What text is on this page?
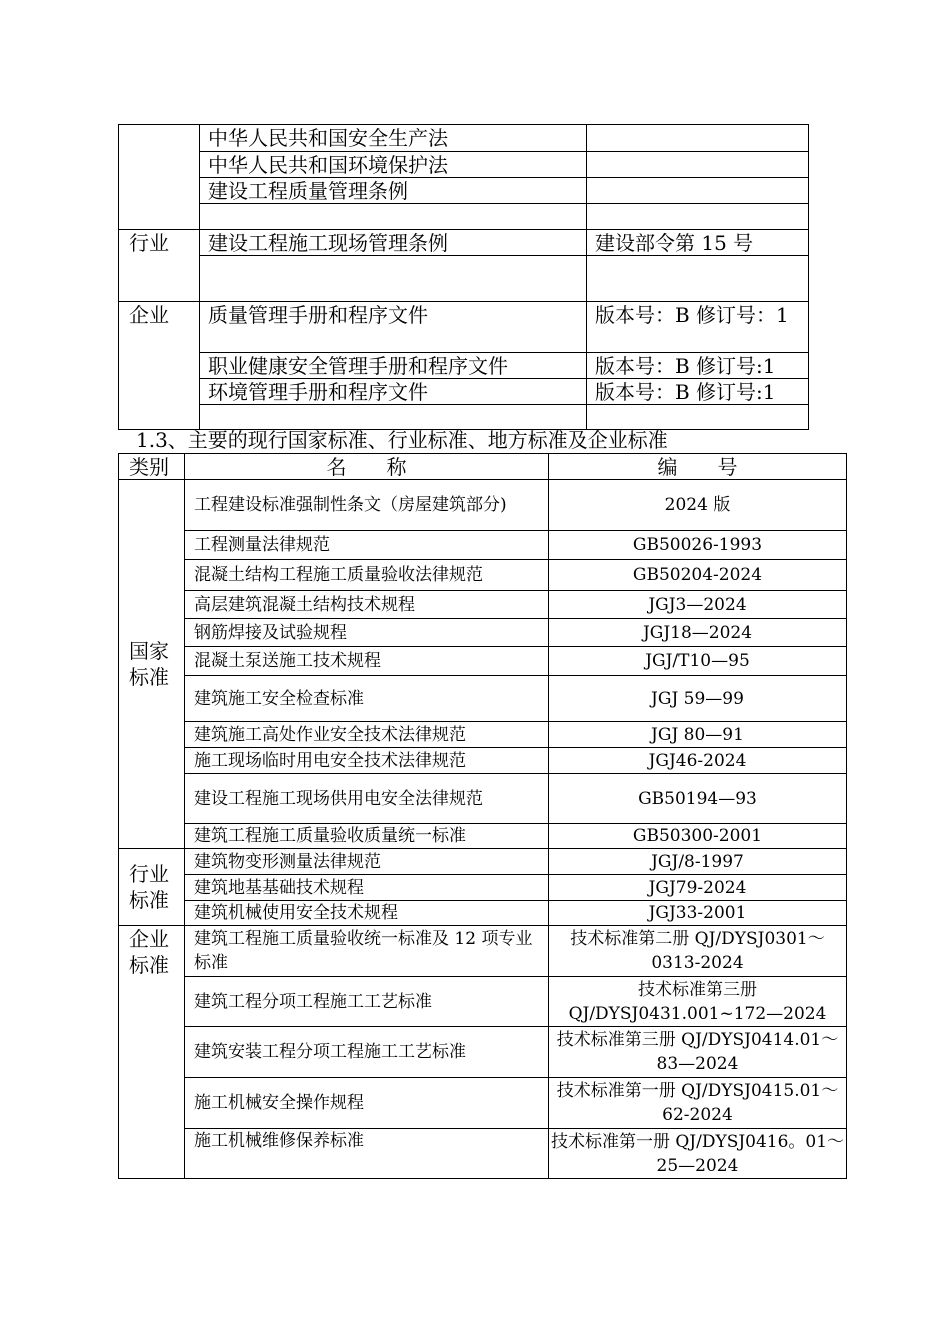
	中华人民共和国安全生产法	
	中华人民共和国环境保护法	
	建设工程质量管理条例	

行业	建设工程施工现场管理条例	建设部令第 15 号

企业	质量管理手册和程序文件	版本号：B 修订号：1
	职业健康安全管理手册和程序文件	版本号：B 修订号:1
	环境管理手册和程序文件	版本号：B 修订号:1

1.3、主要的现行国家标准、行业标准、地方标准及企业标准
类别	名　　称	编　　号
国家标准	工程建设标准强制性条文（房屋建筑部分)	2024 版
	工程测量法律规范	GB50026-1993
	混凝土结构工程施工质量验收法律规范	GB50204-2024
	高层建筑混凝土结构技术规程	JGJ3—2024
	钢筋焊接及试验规程	JGJ18—2024
	混凝土泵送施工技术规程	JGJ/T10—95
	建筑施工安全检查标准	JGJ 59—99
	建筑施工高处作业安全技术法律规范	JGJ 80—91
	施工现场临时用电安全技术法律规范	JGJ46-2024
	建设工程施工现场供用电安全法律规范	GB50194—93
	建筑工程施工质量验收质量统一标准	GB50300-2001
行业标准	建筑物变形测量法律规范	JGJ/8-1997
	建筑地基基础技术规程	JGJ79-2024
	建筑机械使用安全技术规程	JGJ33-2001
企业标准	建筑工程施工质量验收统一标准及 12 项专业标准	技术标准第二册 QJ/DYSJ0301～0313-2024
	建筑工程分项工程施工工艺标准	技术标准第三册 QJ/DYSJ0431.001~172—2024
	建筑安装工程分项工程施工工艺标准	技术标准第三册 QJ/DYSJ0414.01～83—2024
	施工机械安全操作规程	技术标准第一册 QJ/DYSJ0415.01～62-2024
	施工机械维修保养标准	技术标准第一册 QJ/DYSJ0416。01～25—2024
